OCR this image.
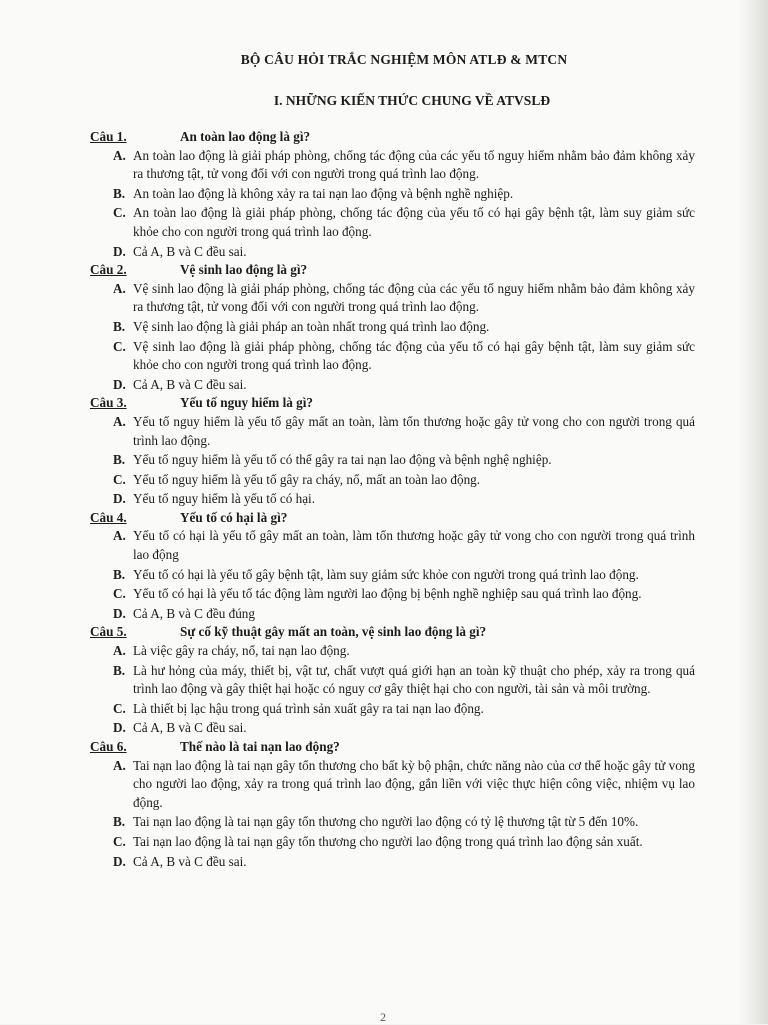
BỘ CÂU HỎI TRẮC NGHIỆM MÔN ATLĐ & MTCN
I. NHỮNG KIẾN THỨC CHUNG VỀ ATVSLĐ
Câu 1.	An toàn lao động là gì?
A. An toàn lao động là giải pháp phòng, chống tác động của các yếu tố nguy hiểm nhằm bảo đảm không xảy ra thương tật, tử vong đối với con người trong quá trình lao động.
B. An toàn lao động là không xảy ra tai nạn lao động và bệnh nghề nghiệp.
C. An toàn lao động là giải pháp phòng, chống tác động của yếu tố có hại gây bệnh tật, làm suy giảm sức khỏe cho con người trong quá trình lao động.
D. Cả A, B và C đều sai.
Câu 2.	Vệ sinh lao động là gì?
A. Vệ sinh lao động là giải pháp phòng, chống tác động của các yếu tố nguy hiểm nhằm bảo đảm không xảy ra thương tật, tử vong đối với con người trong quá trình lao động.
B. Vệ sinh lao động là giải pháp an toàn nhất trong quá trình lao động.
C. Vệ sinh lao động là giải pháp phòng, chống tác động của yếu tố có hại gây bệnh tật, làm suy giảm sức khỏe cho con người trong quá trình lao động.
D. Cả A, B và C đều sai.
Câu 3.	Yếu tố nguy hiểm là gì?
A. Yếu tố nguy hiểm là yếu tố gây mất an toàn, làm tổn thương hoặc gây tử vong cho con người trong quá trình lao động.
B. Yếu tố nguy hiểm là yếu tố có thể gây ra tai nạn lao động và bệnh nghệ nghiệp.
C. Yếu tố nguy hiểm là yếu tố gây ra cháy, nổ, mất an toàn lao động.
D. Yếu tố nguy hiểm là yếu tố có hại.
Câu 4.	Yếu tố có hại là gì?
A. Yếu tố có hại là yếu tố gây mất an toàn, làm tổn thương hoặc gây tử vong cho con người trong quá trình lao động
B. Yếu tố có hại là yếu tố gây bệnh tật, làm suy giảm sức khỏe con người trong quá trình lao động.
C. Yếu tố có hại là yếu tố tác động làm người lao động bị bệnh nghề nghiệp sau quá trình lao động.
D. Cả A, B và C đều đúng
Câu 5.	Sự cố kỹ thuật gây mất an toàn, vệ sinh lao động là gì?
A. Là việc gây ra cháy, nổ, tai nạn lao động.
B. Là hư hỏng của máy, thiết bị, vật tư, chất vượt quá giới hạn an toàn kỹ thuật cho phép, xảy ra trong quá trình lao động và gây thiệt hại hoặc có nguy cơ gây thiệt hại cho con người, tài sản và môi trường.
C. Là thiết bị lạc hậu trong quá trình sản xuất gây ra tai nạn lao động.
D. Cả A, B và C đều sai.
Câu 6.	Thế nào là tai nạn lao động?
A. Tai nạn lao động là tai nạn gây tổn thương cho bất kỳ bộ phận, chức năng nào của cơ thể hoặc gây tử vong cho người lao động, xảy ra trong quá trình lao động, gắn liền với việc thực hiện công việc, nhiệm vụ lao động.
B. Tai nạn lao động là tai nạn gây tổn thương cho người lao động có tỷ lệ thương tật từ 5 đến 10%.
C. Tai nạn lao động là tai nạn gây tổn thương cho người lao động trong quá trình lao động sản xuất.
D. Cả A, B và C đều sai.
2
